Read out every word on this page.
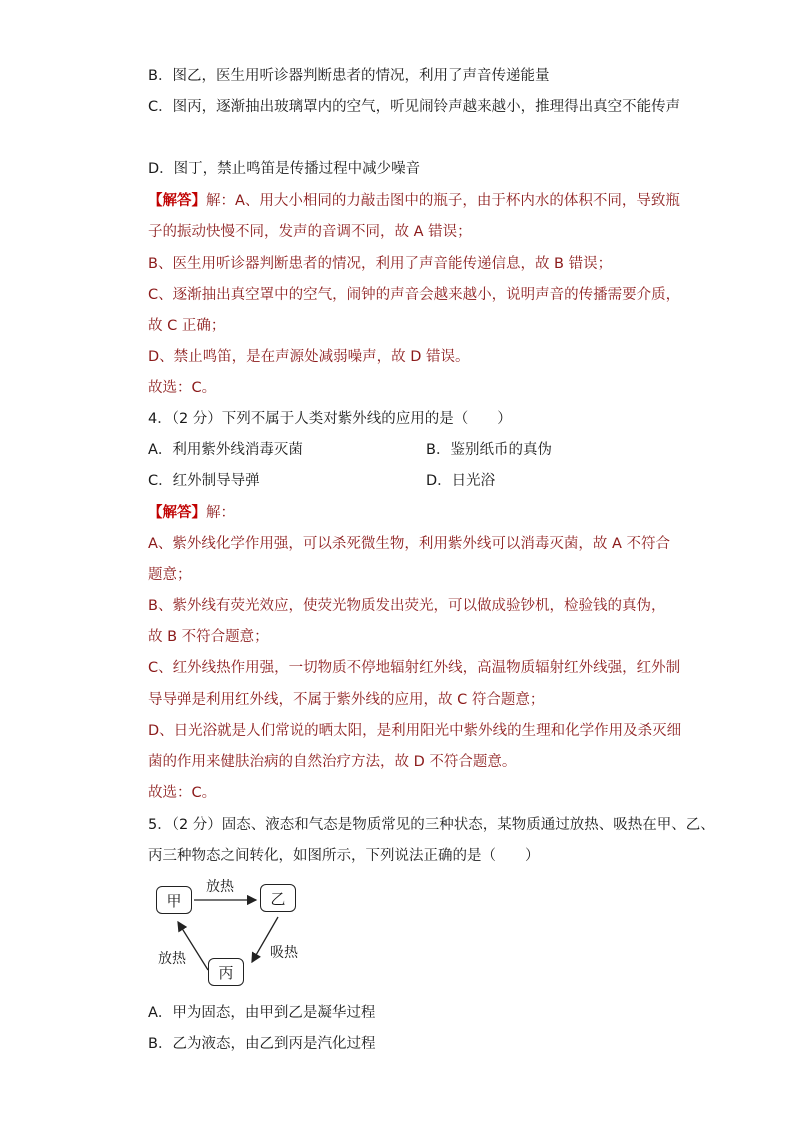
B．图乙，医生用听诊器判断患者的情况，利用了声音传递能量
C．图丙，逐渐抽出玻璃罩内的空气，听见闹铃声越来越小，推理得出真空不能传声
D．图丁，禁止鸣笛是传播过程中减少噪音
【解答】解：A、用大小相同的力敲击图中的瓶子，由于杯内水的体积不同，导致瓶
子的振动快慢不同，发声的音调不同，故 A 错误；
B、医生用听诊器判断患者的情况，利用了声音能传递信息，故 B 错误；
C、逐渐抽出真空罩中的空气，闹钟的声音会越来越小，说明声音的传播需要介质，
故 C 正确；
D、禁止鸣笛，是在声源处减弱噪声，故 D 错误。
故选：C。
4．（2 分）下列不属于人类对紫外线的应用的是（　　）
A．利用紫外线消毒灭菌	B．鉴别纸币的真伪
C．红外制导导弹	D．日光浴
【解答】解：
A、紫外线化学作用强，可以杀死微生物，利用紫外线可以消毒灭菌，故 A 不符合
题意；
B、紫外线有荧光效应，使荧光物质发出荧光，可以做成验钞机，检验钱的真伪，
故 B 不符合题意；
C、红外线热作用强，一切物质不停地辐射红外线，高温物质辐射红外线强，红外制
导导弹是利用红外线，不属于紫外线的应用，故 C 符合题意；
D、日光浴就是人们常说的晒太阳，是利用阳光中紫外线的生理和化学作用及杀灭细
菌的作用来健肤治病的自然治疗方法，故 D 不符合题意。
故选：C。
5．（2 分）固态、液态和气态是物质常见的三种状态，某物质通过放热、吸热在甲、乙、
丙三种物态之间转化，如图所示，下列说法正确的是（　　）
甲	乙
丙
放热
吸热
放热
A．甲为固态，由甲到乙是凝华过程
B．乙为液态，由乙到丙是汽化过程
